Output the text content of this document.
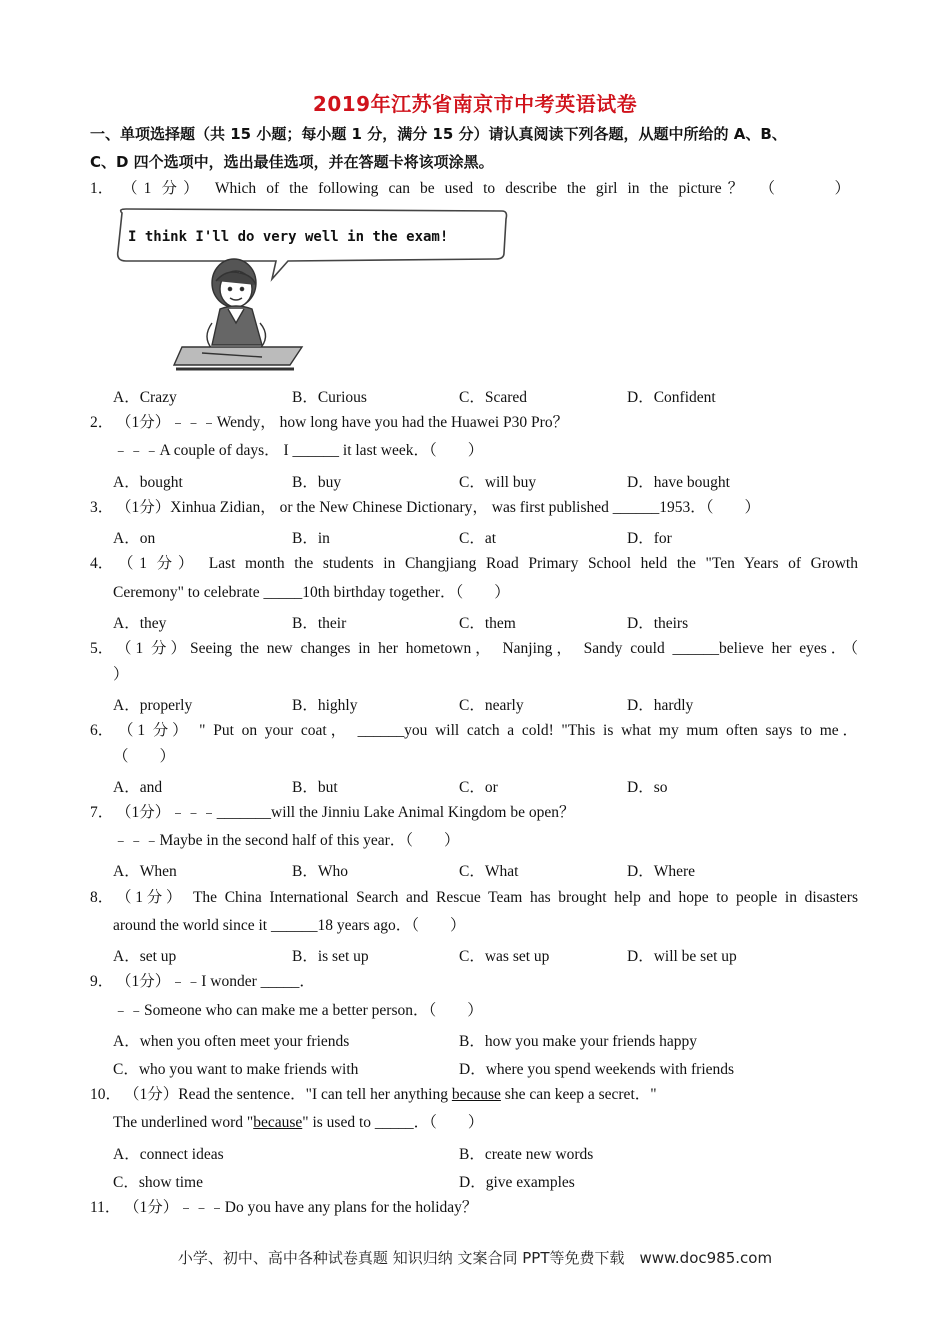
2019年江苏省南京市中考英语试卷
一、单项选择题（共 15 小题；每小题 1 分，满分 15 分）请认真阅读下列各题，从题中所给的 A、B、
C、D 四个选项中，选出最佳选项，并在答题卡将该项涂黑。
1． （1 分） Which of the following can be used to describe the girl in the picture？ （　　 ）
I think I'll do very well in the exam!
A．Crazy	B．Curious	C．Scared	D．Confident
2． （1分）﹣﹣﹣Wendy， how long have you had the Huawei P30 Pro？
﹣﹣﹣A couple of days． I ______ it last week．（　　）
A．bought	B．buy	C．will buy	D．have bought
3． （1分）Xinhua Zidian， or the New Chinese Dictionary， was first published ______1953．（　　）
A．on	B．in	C．at	D．for
4． （1 分） Last month the students in Changjiang Road Primary School held the "Ten Years of Growth
Ceremony" to celebrate _____10th birthday together．（　　）
A．they	B．their	C．them	D．theirs
5． （1 分）Seeing the new changes in her hometown， Nanjing， Sandy could ______believe her eyes．（
）
A．properly	B．highly	C．nearly	D．hardly
6． （1 分） " Put on your coat， ______you will catch a cold! "This is what my mum often says to me．
（　　）
A．and	B．but	C．or	D．so
7． （1分）﹣﹣﹣_______will the Jinniu Lake Animal Kingdom be open？
﹣﹣﹣Maybe in the second half of this year．（　　）
A．When	B．Who	C．What	D．Where
8． （1分） The China International Search and Rescue Team has brought help and hope to people in disasters
around the world since it ______18 years ago．（　　）
A．set up	B．is set up	C．was set up	D．will be set up
9． （1分）﹣﹣I wonder _____．
﹣﹣Someone who can make me a better person．（　　）
A．when you often meet your friends	B．how you make your friends happy
C．who you want to make friends with	D．where you spend weekends with friends
10． （1分）Read the sentence．"I can tell her anything because she can keep a secret．"
The underlined word "because" is used to _____．（　　）
A．connect ideas	B．create new words
C．show time	D．give examples
11． （1分）﹣﹣﹣Do you have any plans for the holiday？
小学、初中、高中各种试卷真题 知识归纳 文案合同 PPT等免费下载　www.doc985.com
